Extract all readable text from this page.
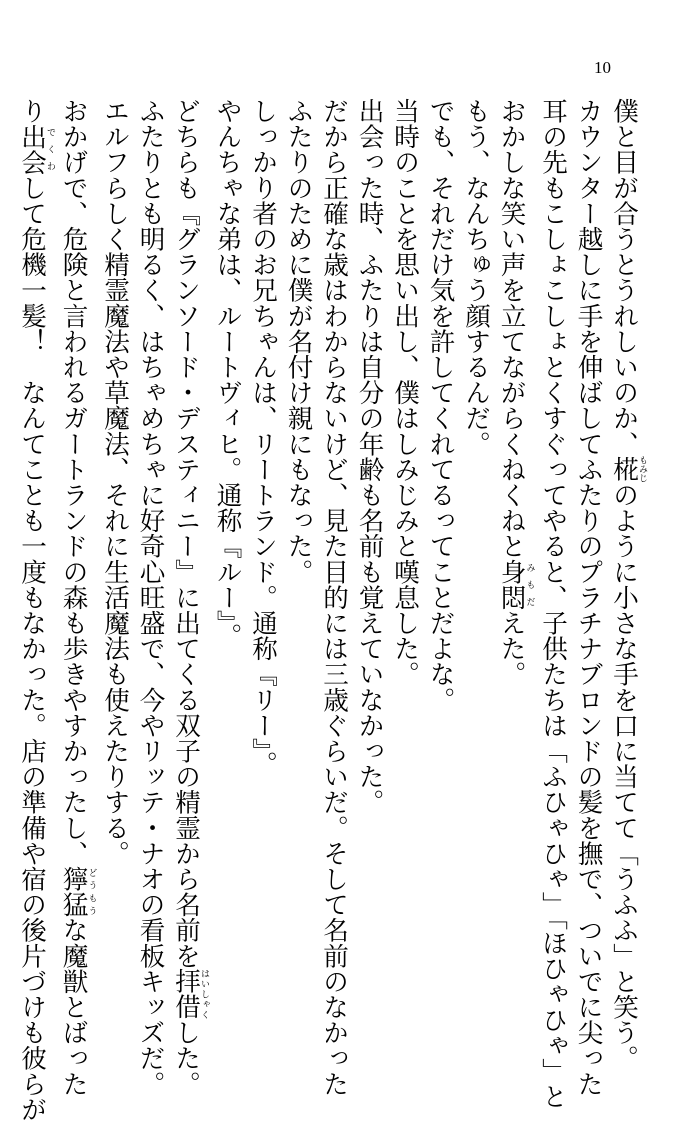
10
僕と目が合うとうれしいのか、椛もみじのように小さな手を口に当てて「うふふ」と笑う。
カウンター越しに手を伸ばしてふたりのプラチナブロンドの髪を撫で、ついでに尖った
耳の先もこしょこしょとくすぐってやると、子供たちは「ふひゃひゃ」「ほひゃひゃ」と
おかしな笑い声を立てながらくねくねと身悶みもだえた。
もう、なんちゅう顔するんだ。
でも、それだけ気を許してくれてるってことだよな。
当時のことを思い出し、僕はしみじみと嘆息した。
出会った時、ふたりは自分の年齢も名前も覚えていなかった。
だから正確な歳はわからないけど、見た目的には三歳ぐらいだ。そして名前のなかった
ふたりのために僕が名付け親にもなった。
しっかり者のお兄ちゃんは、リートランド。通称『リー』。
やんちゃな弟は、ルートヴィヒ。通称『ルー』。
どちらも『グランソード・デスティニー』に出てくる双子の精霊から名前を拝借はいしゃくした。
ふたりとも明るく、はちゃめちゃに好奇心旺盛で、今やリッテ・ナオの看板キッズだ。
エルフらしく精霊魔法や草魔法、それに生活魔法も使えたりする。
おかげで、危険と言われるガートランドの森も歩きやすかったし、獰猛どうもうな魔獣とばった
り出会でくわして危機一髪！　なんてことも一度もなかった。店の準備や宿の後片づけも彼らが
